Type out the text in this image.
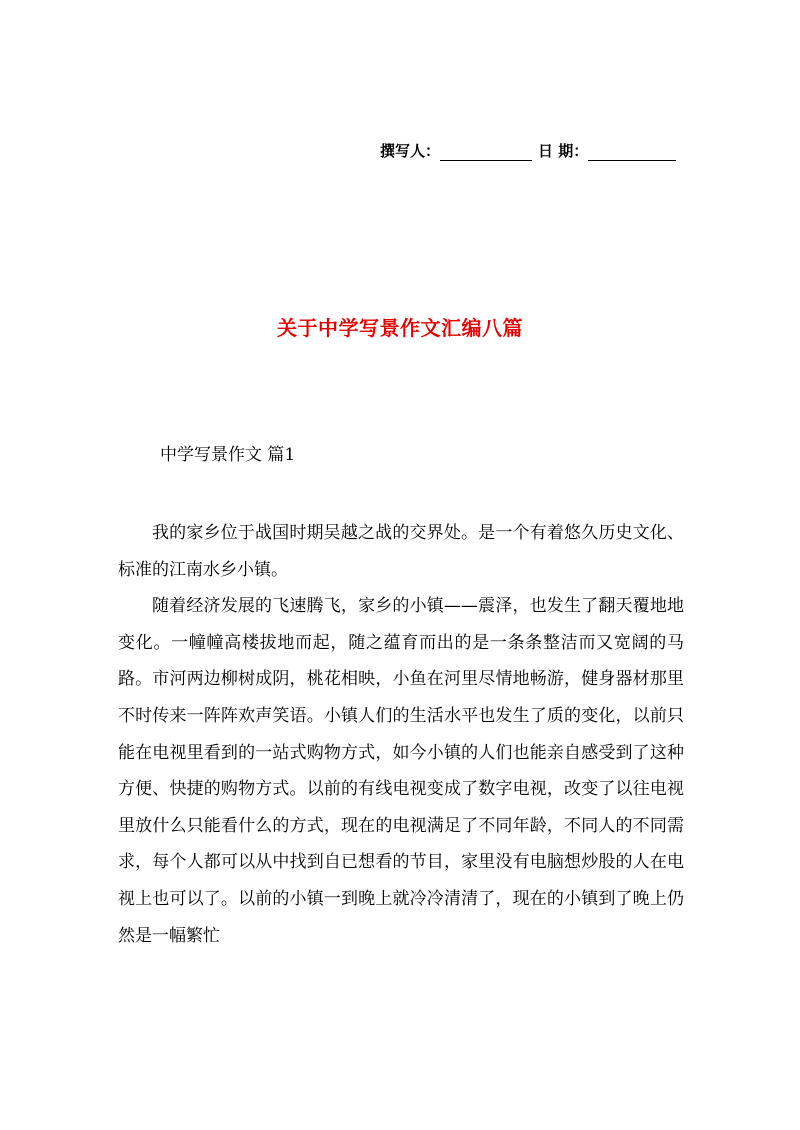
撰写人：	日 期：
关于中学写景作文汇编八篇
中学写景作文 篇1

我的家乡位于战国时期吴越之战的交界处。是一个有着悠久历史文化、标准的江南水乡小镇。

随着经济发展的飞速腾飞，家乡的小镇——震泽，也发生了翻天覆地地变化。一幢幢高楼拔地而起，随之蕴育而出的是一条条整洁而又宽阔的马路。市河两边柳树成阴，桃花相映，小鱼在河里尽情地畅游，健身器材那里不时传来一阵阵欢声笑语。小镇人们的生活水平也发生了质的变化，以前只能在电视里看到的一站式购物方式，如今小镇的人们也能亲自感受到了这种方便、快捷的购物方式。以前的有线电视变成了数字电视，改变了以往电视里放什么只能看什么的方式，现在的电视满足了不同年龄，不同人的不同需求，每个人都可以从中找到自已想看的节目，家里没有电脑想炒股的人在电视上也可以了。以前的小镇一到晚上就冷冷清清了，现在的小镇到了晚上仍然是一幅繁忙
